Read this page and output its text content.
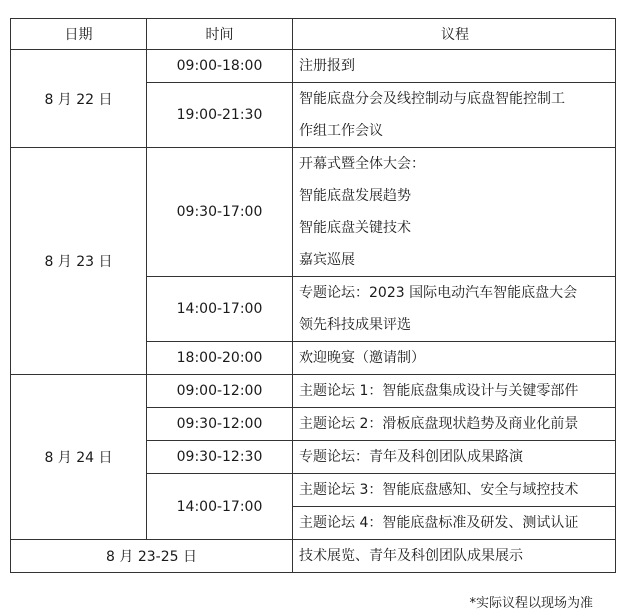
日期	时间	议程
8 月 22 日	09:00-18:00	注册报到

	19:00-21:30	智能底盘分会及线控制动与底盘智能控制工
作组工作会议

8 月 23 日	09:30-17:00	开幕式暨全体大会：
智能底盘发展趋势
智能底盘关键技术
嘉宾巡展

	14:00-17:00	专题论坛：2023 国际电动汽车智能底盘大会
领先科技成果评选

	18:00-20:00	欢迎晚宴（邀请制）

8 月 24 日	09:00-12:00	主题论坛 1：智能底盘集成设计与关键零部件

	09:30-12:00	主题论坛 2：滑板底盘现状趋势及商业化前景

	09:30-12:30	专题论坛：青年及科创团队成果路演

	14:00-17:00	主题论坛 3：智能底盘感知、安全与域控技术

		主题论坛 4：智能底盘标准及研发、测试认证

8 月 23-25 日		技术展览、青年及科创团队成果展示
*实际议程以现场为准
